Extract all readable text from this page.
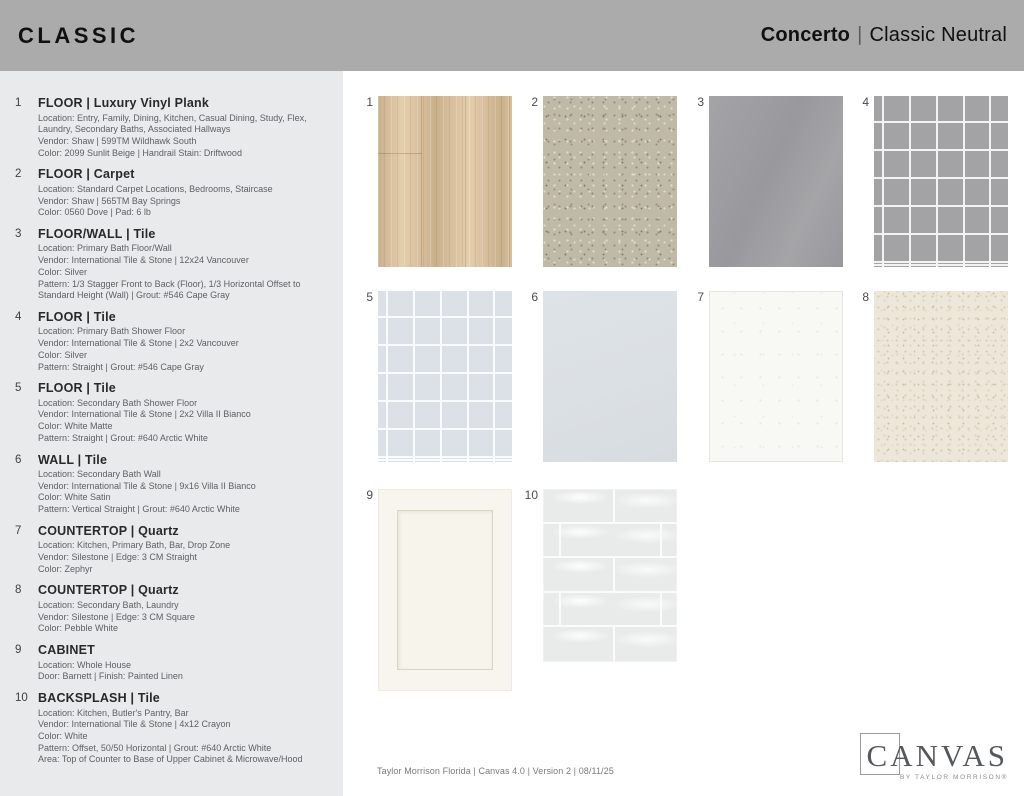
CLASSIC	Concerto | Classic Neutral
1	FLOOR | Luxury Vinyl Plank
Location: Entry, Family, Dining, Kitchen, Casual Dining, Study, Flex, Laundry, Secondary Baths, Associated Hallways
Vendor: Shaw | 599TM Wildhawk South
Color: 2099 Sunlit Beige | Handrail Stain: Driftwood
2	FLOOR | Carpet
Location: Standard Carpet Locations, Bedrooms, Staircase
Vendor: Shaw | 565TM Bay Springs
Color: 0560 Dove | Pad: 6 lb
3	FLOOR/WALL | Tile
Location: Primary Bath Floor/Wall
Vendor: International Tile & Stone | 12x24 Vancouver
Color: Silver
Pattern: 1/3 Stagger Front to Back (Floor), 1/3 Horizontal Offset to Standard Height (Wall) | Grout: #546 Cape Gray
4	FLOOR | Tile
Location: Primary Bath Shower Floor
Vendor: International Tile & Stone | 2x2 Vancouver
Color: Silver
Pattern: Straight | Grout: #546 Cape Gray
5	FLOOR | Tile
Location: Secondary Bath Shower Floor
Vendor: International Tile & Stone | 2x2 Villa II Bianco
Color: White Matte
Pattern: Straight | Grout: #640 Arctic White
6	WALL | Tile
Location: Secondary Bath Wall
Vendor: International Tile & Stone | 9x16 Villa II Bianco
Color: White Satin
Pattern: Vertical Straight | Grout: #640 Arctic White
7	COUNTERTOP | Quartz
Location: Kitchen, Primary Bath, Bar, Drop Zone
Vendor: Silestone | Edge: 3 CM Straight
Color: Zephyr
8	COUNTERTOP | Quartz
Location: Secondary Bath, Laundry
Vendor: Silestone | Edge: 3 CM Square
Color: Pebble White
9	CABINET
Location: Whole House
Door: Barnett | Finish: Painted Linen
10 BACKSPLASH | Tile
Location: Kitchen, Butler's Pantry, Bar
Vendor: International Tile & Stone | 4x12 Crayon
Color: White
Pattern: Offset, 50/50 Horizontal | Grout: #640 Arctic White
Area: Top of Counter to Base of Upper Cabinet & Microwave/Hood
Taylor Morrison Florida | Canvas 4.0 | Version 2 | 08/11/25	CANVAS
BY TAYLOR MORRISON®
1	2	3	4
5	6	7	8
9	10
